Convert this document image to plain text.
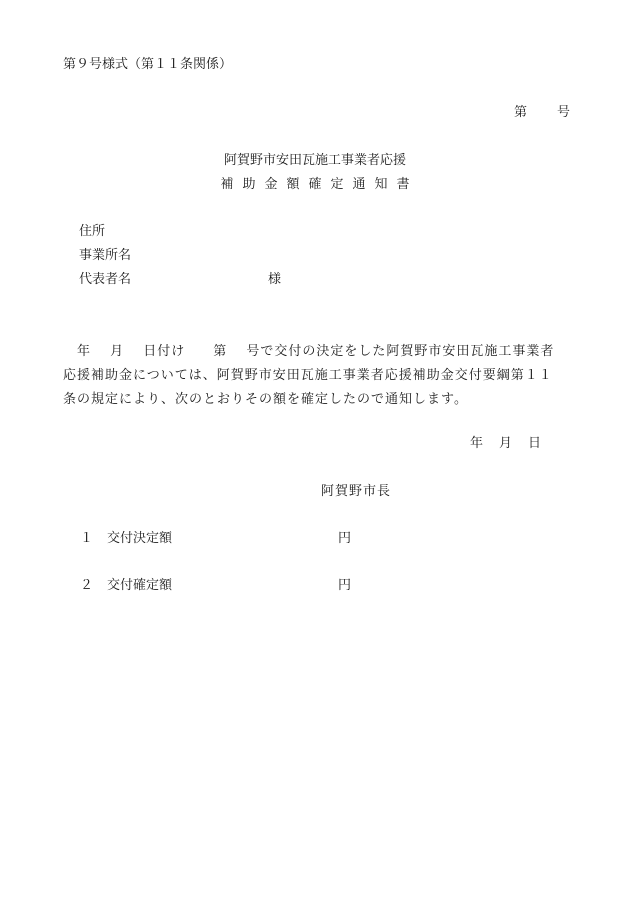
第９号様式（第１１条関係）
第 号
阿賀野市安田瓦施工事業者応援
補助金額確定通知書
住所
事業所名
代表者名	様
　年　 月　 日付け　　第　 号で交付の決定をした阿賀野市安田瓦施工事業者
応援補助金については、阿賀野市安田瓦施工事業者応援補助金交付要綱第１１
条の規定により、次のとおりその額を確定したので通知します。
年 月 日
阿賀野市長
１ 交付決定額	円
２ 交付確定額	円
